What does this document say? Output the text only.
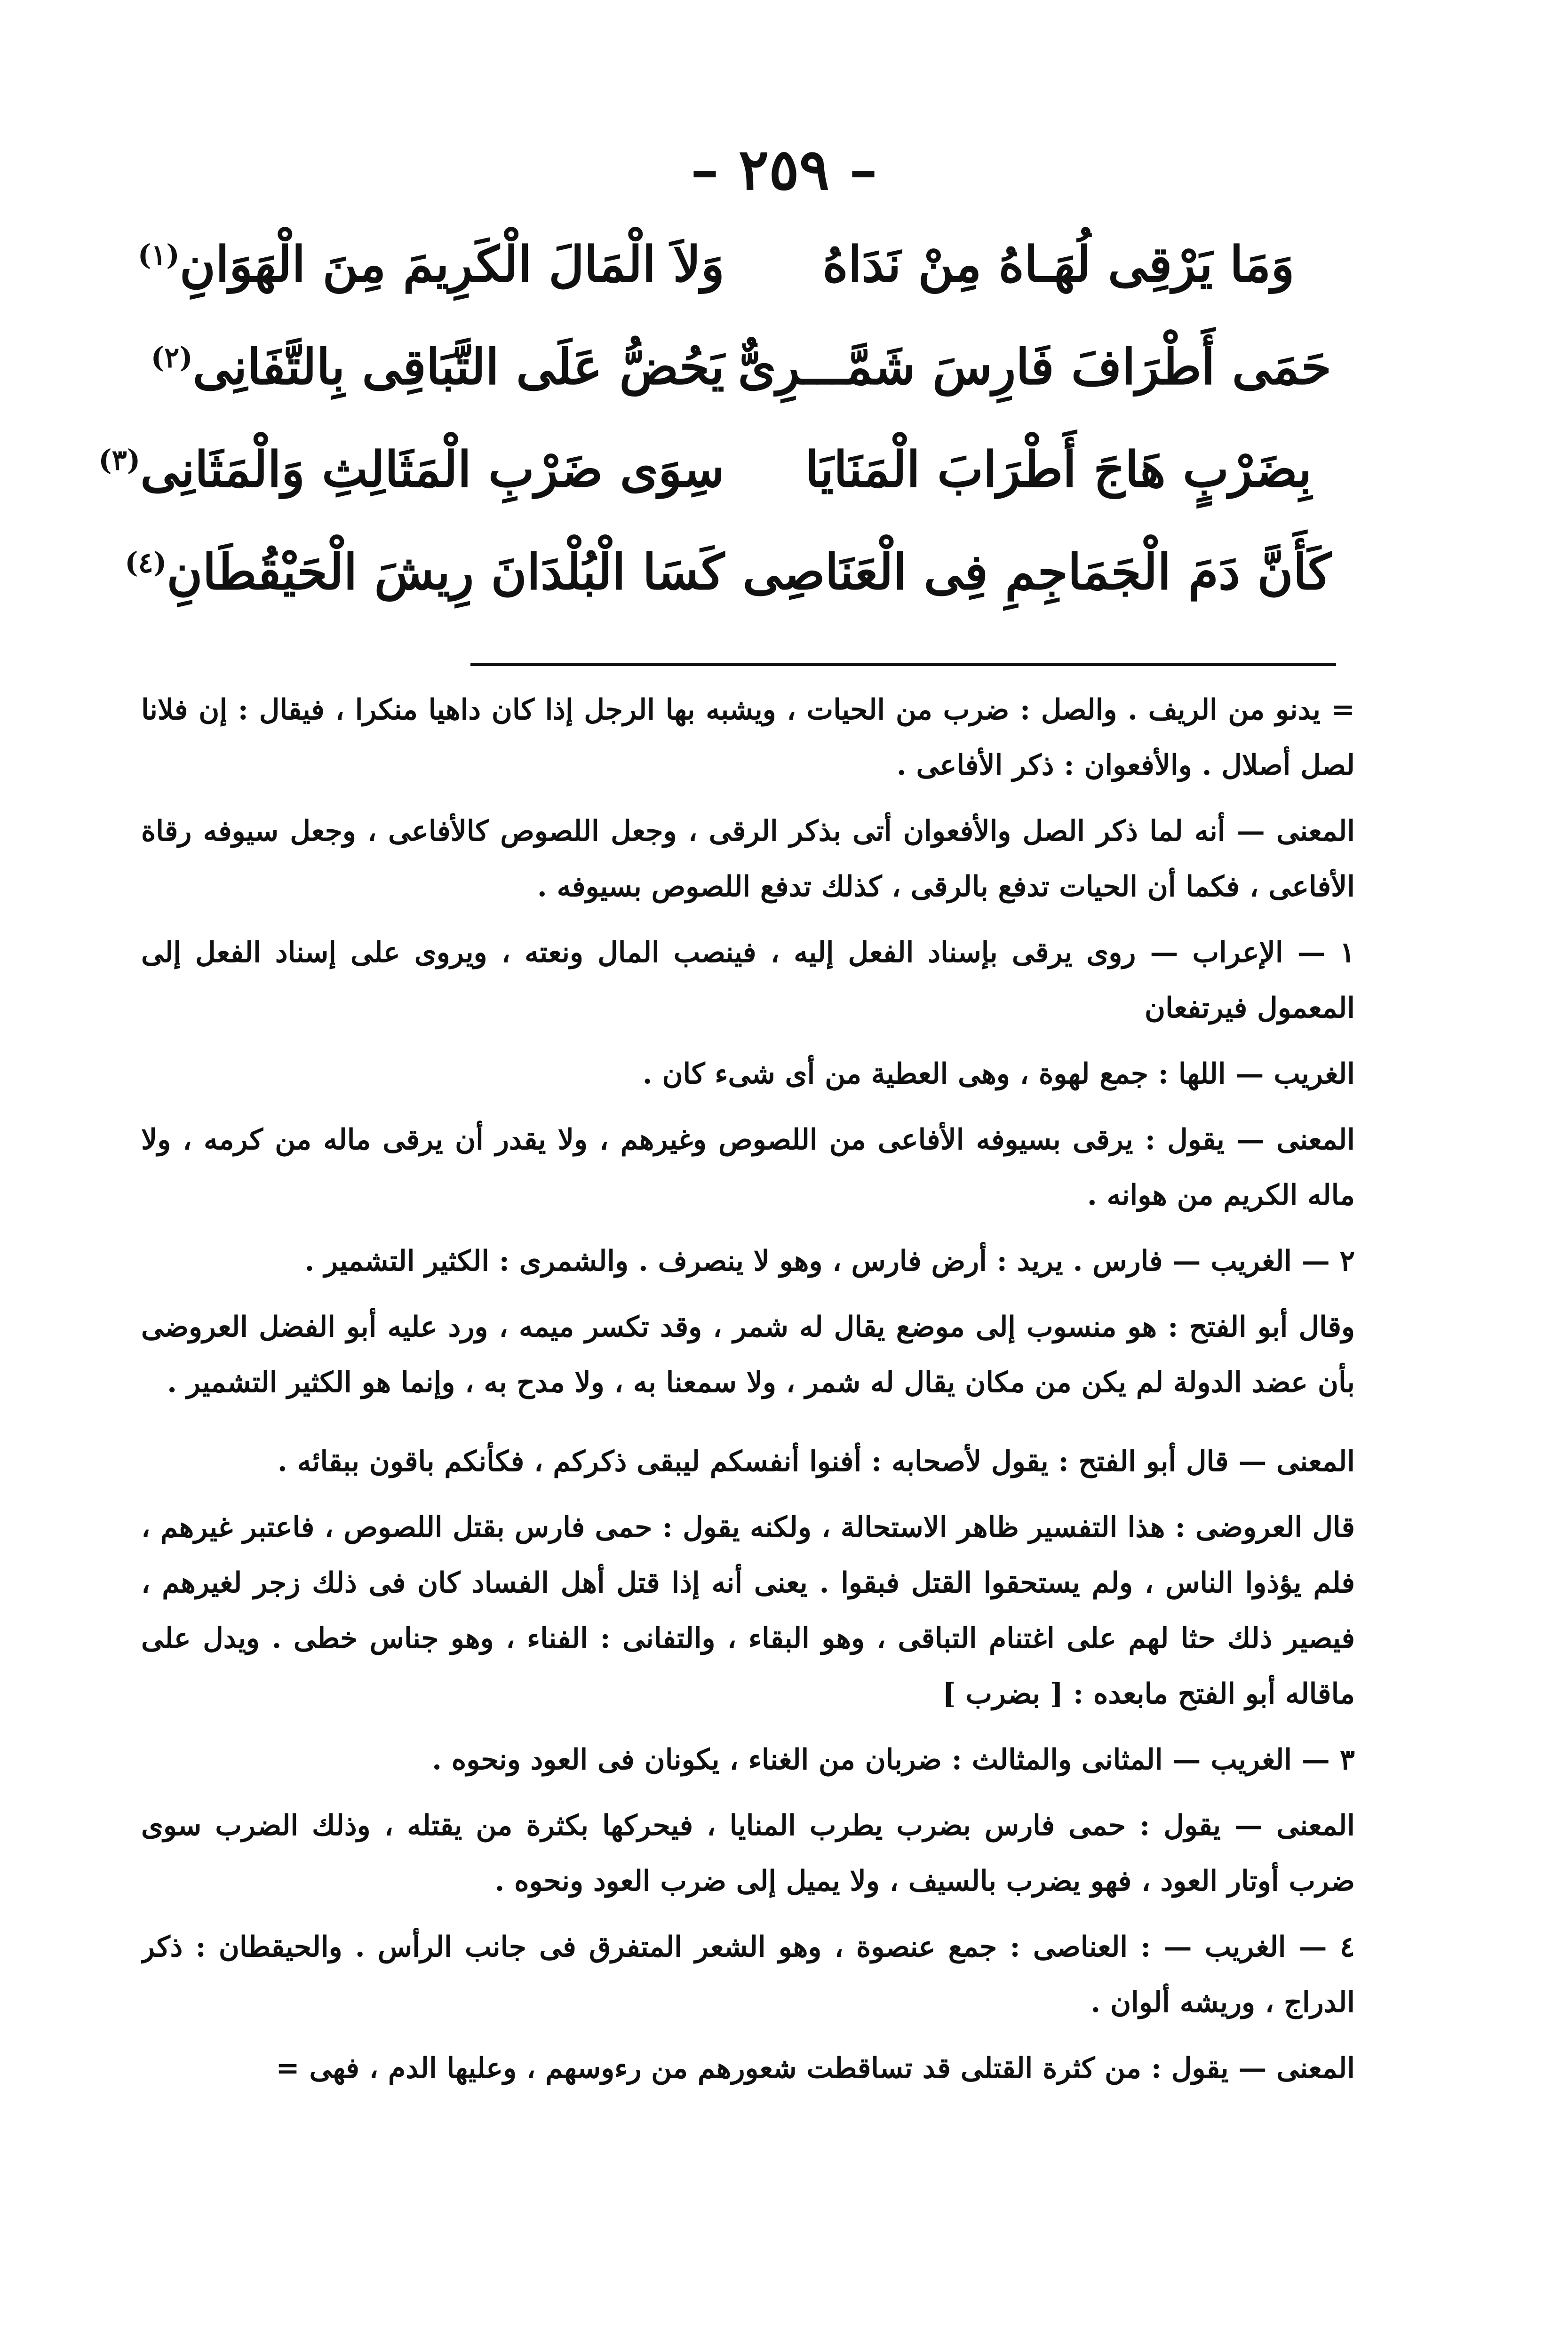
– ٢٥٩ –
وَمَا يَرْقِى لُهَـاهُ مِنْ نَدَاهُ
وَلاَ الْمَالَ الْكَرِيمَ مِنَ الْهَوَانِ$^{(١)}$
حَمَى أَطْرَافَ فَارِسَ شَمَّـــرِىٌّ
يَحُضُّ عَلَى التَّبَاقِى بِالتَّفَانِى$^{(٢)}$
بِضَرْبٍ هَاجَ أَطْرَابَ الْمَنَايَا
سِوَى ضَرْبِ الْمَثَالِثِ وَالْمَثَانِى$^{(٣)}$
كَأَنَّ دَمَ الْجَمَاجِمِ فِى الْعَنَاصِى
كَسَا الْبُلْدَانَ رِيشَ الْحَيْقُطَانِ$^{(٤)}$

= يدنو من الريف . والصل : ضرب من الحيات ، ويشبه بها الرجل إذا كان داهيا منكرا ، فيقال : إن فلانا لصل أصلال . والأفعوان : ذكر الأفاعى .

المعنى — أنه لما ذكر الصل والأفعوان أتى بذكر الرقى ، وجعل اللصوص كالأفاعى ، وجعل سيوفه رقاة الأفاعى ، فكما أن الحيات تدفع بالرقى ، كذلك تدفع اللصوص بسيوفه .

١ — الإعراب — روى يرقى بإسناد الفعل إليه ، فينصب المال ونعته ، ويروى على إسناد الفعل إلى المعمول فيرتفعان

الغريب — اللها : جمع لهوة ، وهى العطية من أى شىء كان .

المعنى — يقول : يرقى بسيوفه الأفاعى من اللصوص وغيرهم ، ولا يقدر أن يرقى ماله من كرمه ، ولا ماله الكريم من هوانه .

٢ — الغريب — فارس . يريد : أرض فارس ، وهو لا ينصرف . والشمرى : الكثير التشمير .

وقال أبو الفتح : هو منسوب إلى موضع يقال له شمر ، وقد تكسر ميمه ، ورد عليه أبو الفضل العروضى بأن عضد الدولة لم يكن من مكان يقال له شمر ، ولا سمعنا به ، ولا مدح به ، وإنما هو الكثير التشمير .

المعنى — قال أبو الفتح : يقول لأصحابه : أفنوا أنفسكم ليبقى ذكركم ، فكأنكم باقون ببقائه .

قال العروضى : هذا التفسير ظاهر الاستحالة ، ولكنه يقول : حمى فارس بقتل اللصوص ، فاعتبر غيرهم ، فلم يؤذوا الناس ، ولم يستحقوا القتل فبقوا . يعنى أنه إذا قتل أهل الفساد كان فى ذلك زجر لغيرهم ، فيصير ذلك حثا لهم على اغتنام التباقى ، وهو البقاء ، والتفانى : الفناء ، وهو جناس خطى . ويدل على ماقاله أبو الفتح مابعده : [ بضرب ]

٣ — الغريب — المثانى والمثالث : ضربان من الغناء ، يكونان فى العود ونحوه .

المعنى — يقول : حمى فارس بضرب يطرب المنايا ، فيحركها بكثرة من يقتله ، وذلك الضرب سوى ضرب أوتار العود ، فهو يضرب بالسيف ، ولا يميل إلى ضرب العود ونحوه .

٤ — الغريب — : العناصى : جمع عنصوة ، وهو الشعر المتفرق فى جانب الرأس . والحيقطان : ذكر الدراج ، وريشه ألوان .

المعنى — يقول : من كثرة القتلى قد تساقطت شعورهم من رءوسهم ، وعليها الدم ، فهى =
